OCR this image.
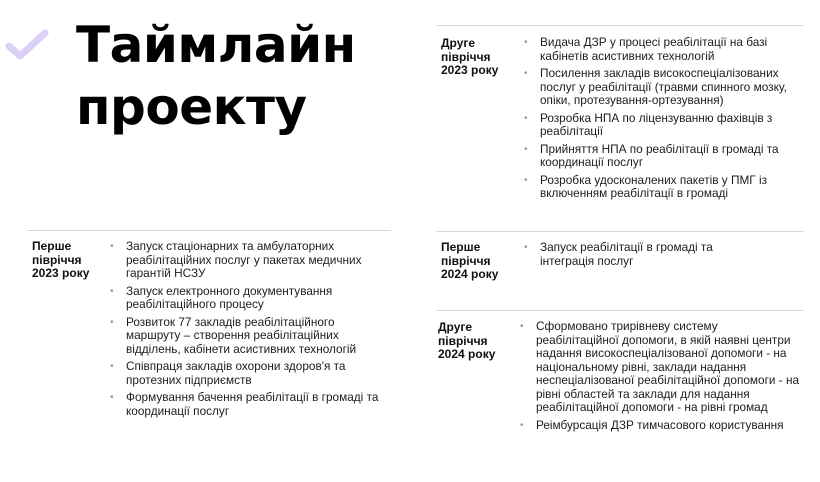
Таймлайн
проекту
Друге
півріччя
2023 року
• Видача ДЗР у процесі реабілітації на базі кабінетів асистивних технологій
• Посилення закладів високоспеціалізованих послуг у реабілітації (травми спинного мозку, опіки, протезування-ортезування)
• Розробка НПА по ліцензуванню фахівців з реабілітації
• Прийняття НПА по реабілітації в громаді та координації послуг
• Розробка удосконалених пакетів у ПМГ із включенням реабілітації в громаді
Перше
півріччя
2023 року
• Запуск стаціонарних та амбулаторних реабілітаційних послуг у пакетах медичних гарантій НСЗУ
• Запуск електронного документування реабілітаційного процесу
• Розвиток 77 закладів реабілітаційного маршруту – створення реабілітаційних відділень, кабінети асистивних технологій
• Співпраця закладів охорони здоров'я та протезних підприємств
• Формування бачення реабілітації в громаді та координації послуг
Перше
півріччя
2024 року
• Запуск реабілітації в громаді та інтеграція послуг
Друге
півріччя
2024 року
• Сформовано трирівневу систему реабілітаційної допомоги, в якій наявні центри надання високоспеціалізованої допомоги - на національному рівні, заклади надання неспеціалізованої реабілітаційної допомоги - на рівні областей та заклади для надання реабілітаційної допомоги - на рівні громад
• Реімбурсація ДЗР тимчасового користування
